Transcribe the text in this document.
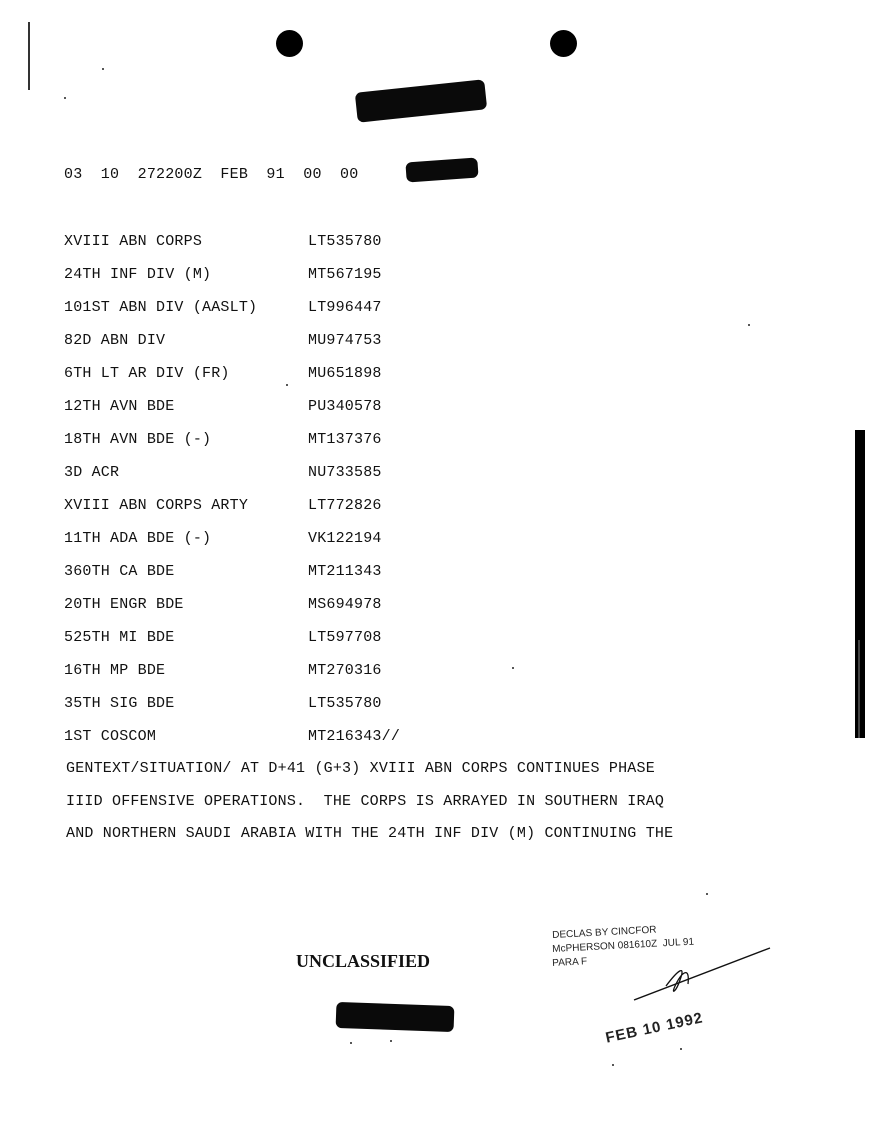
03  10  272200Z  FEB  91  00  00
XVIII ABN CORPS	LT535780
24TH INF DIV (M)	MT567195
101ST ABN DIV (AASLT)	LT996447
82D ABN DIV	MU974753
6TH LT AR DIV (FR)	MU651898
12TH AVN BDE	PU340578
18TH AVN BDE (-)	MT137376
3D ACR	NU733585
XVIII ABN CORPS ARTY	LT772826
11TH ADA BDE (-)	VK122194
360TH CA BDE	MT211343
20TH ENGR BDE	MS694978
525TH MI BDE	LT597708
16TH MP BDE	MT270316
35TH SIG BDE	LT535780
1ST COSCOM	MT216343//
GENTEXT/SITUATION/ AT D+41 (G+3) XVIII ABN CORPS CONTINUES PHASE
IIID OFFENSIVE OPERATIONS.  THE CORPS IS ARRAYED IN SOUTHERN IRAQ
AND NORTHERN SAUDI ARABIA WITH THE 24TH INF DIV (M) CONTINUING THE
UNCLASSIFIED
DECLAS BY CINCFOR
McPHERSON 081610Z  JUL 91
PARA F
FEB 10 1992
